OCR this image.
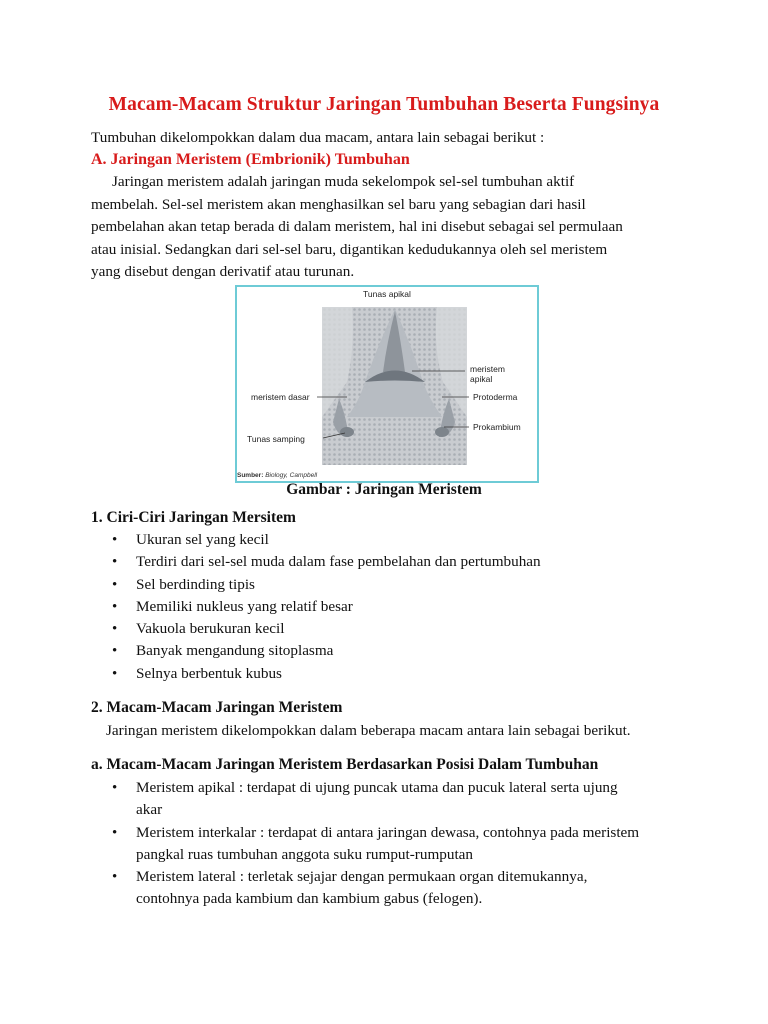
Macam-Macam Struktur Jaringan Tumbuhan Beserta Fungsinya

Tumbuhan dikelompokkan dalam dua macam, antara lain sebagai berikut :

A. Jaringan Meristem (Embrionik) Tumbuhan

Jaringan meristem adalah jaringan muda sekelompok sel-sel tumbuhan aktif

membelah. Sel-sel meristem akan menghasilkan sel baru yang sebagian dari hasil

pembelahan akan tetap berada di dalam meristem, hal ini disebut sebagai sel permulaan

atau inisial. Sedangkan dari sel-sel baru, digantikan kedudukannya oleh sel meristem

yang disebut dengan derivatif atau turunan.

Tunas apikal
meristem
apikal
meristem dasar	Protoderma
Tunas samping
Prokambium
Sumber: Biology, Campbell
Gambar : Jaringan Meristem

1. Ciri-Ciri Jaringan Mersitem

• Ukuran sel yang kecil
• Terdiri dari sel-sel muda dalam fase pembelahan dan pertumbuhan
• Sel berdinding tipis
• Memiliki nukleus yang relatif besar
• Vakuola berukuran kecil
• Banyak mengandung sitoplasma
• Selnya berbentuk kubus

2. Macam-Macam Jaringan Meristem

Jaringan meristem dikelompokkan dalam beberapa macam antara lain sebagai berikut.

a. Macam-Macam Jaringan Meristem Berdasarkan Posisi Dalam Tumbuhan

• Meristem apikal : terdapat di ujung puncak utama dan pucuk lateral serta ujung
akar
• Meristem interkalar : terdapat di antara jaringan dewasa, contohnya pada meristem
pangkal ruas tumbuhan anggota suku rumput-rumputan
• Meristem lateral : terletak sejajar dengan permukaan organ ditemukannya,
contohnya pada kambium dan kambium gabus (felogen).
